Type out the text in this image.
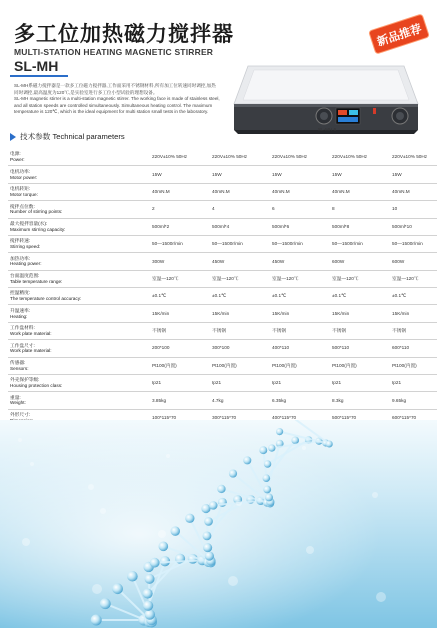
多工位加热磁力搅拌器
MULTI-STATION HEATING MAGNETIC STIRRER
SL-MH
新品推荐
SL-MH 6

SL-MH系磁力搅拌器是一款多工位磁力搅拌器,工作面采用不锈钢材料,所有加工位转速同时调控,加热同时调控,最高温度为120℃,是实验室进行多工位小型试验的理想设备。

SL-MH magnetic stirrer is a multi-station magnetic stirrer. The working face is made of stainless steel, and all station speeds are controlled simultaneously. Simultaneous heating control. The maximum temperature is 120℃, which is the ideal equipment for multi station small tests in the laboratory.

技术参数 Technical parameters
电源:
Power:	220V±10% 50Hz	220V±10% 50Hz	220V±10% 50Hz	220V±10% 50Hz	220V±10% 50Hz

电机功率:
Motor power:	15W	15W	15W	15W	15W

电机转矩:
Motor torque:	40mN.M	40mN.M	40mN.M	40mN.M	40mN.M

搅拌点位数:
Number of stirring points:	2	4	6	8	10

最大搅拌容量(水):
Maximum stirring capacity:	500ml*2	500ml*4	500ml*6	500ml*8	500ml*10

搅拌转速:
Stirring speed:	50—1500r/min	50—1500r/min	50—1500r/min	50—1500r/min	50—1500r/min

加热功率:
Heating power:	300W	450W	450W	600W	600W

台面温度范围:
Table temperature range:	室温—120℃	室温—120℃	室温—120℃	室温—120℃	室温—120℃

控温精度:
The temperature control accuracy:	±0.1℃	±0.1℃	±0.1℃	±0.1℃	±0.1℃

升温速率:
Heating:	15K/min	15K/min	15K/min	15K/min	15K/min

工作盘材料:
Work plate material:	不锈钢	不锈钢	不锈钢	不锈钢	不锈钢

工作盘尺寸:
Work plate material:	200*100	300*100	400*110	500*110	600*110

传感器:
Sensors:	Pt100(内置)	Pt100(内置)	Pt100(内置)	Pt100(内置)	Pt100(内置)

外壳保护等级:
Housing protection class:	Ip21	Ip21	Ip21	Ip21	Ip21

重量:
Weight:	3.85kg	4.7kg	6.35kg	8.3kg	9.65kg

外形尺寸:	100*115*70	300*115*70	400*115*70	500*115*70	600*115*70
